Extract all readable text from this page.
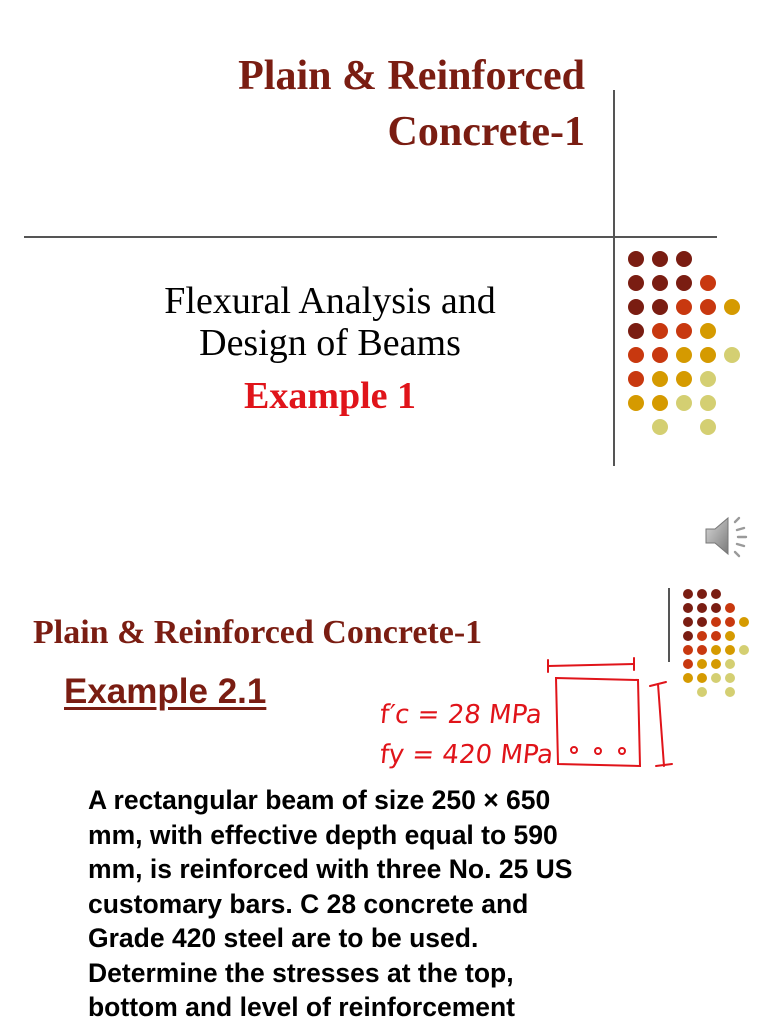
Plain & Reinforced
Concrete-1
Flexural Analysis and
Design of Beams
Example 1
Plain & Reinforced Concrete-1
Example 2.1
f′c = 28 MPa
fy = 420 MPa
A rectangular beam of size 250 × 650
mm, with effective depth equal to 590
mm, is reinforced with three No. 25 US
customary bars. C 28 concrete and
Grade 420 steel are to be used.
Determine the stresses at the top,
bottom and level of reinforcement
